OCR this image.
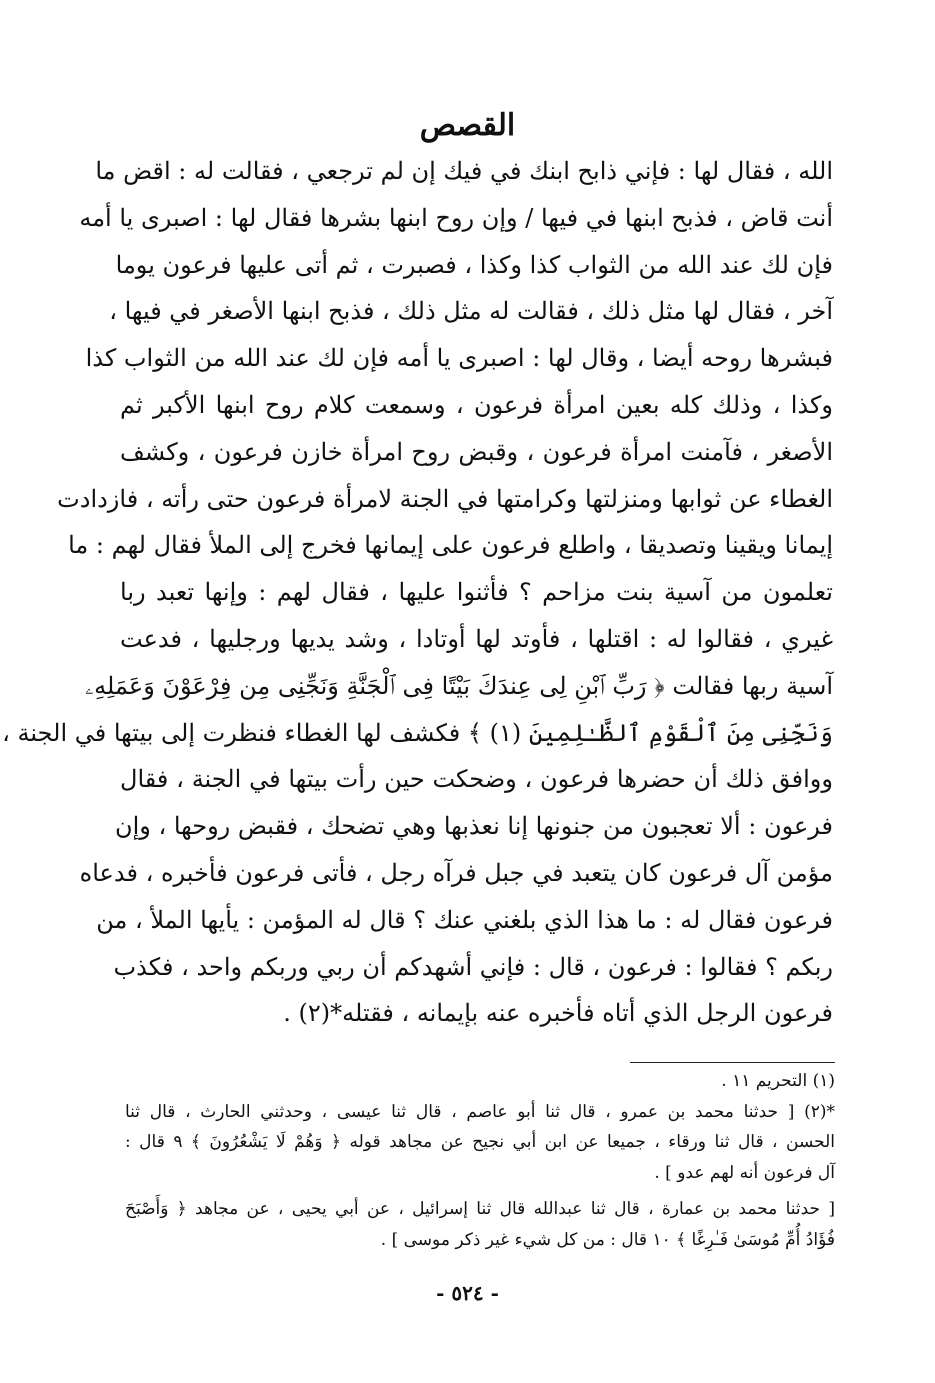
القصص
الله ، فقال لها : فإني ذابح ابنك في فيك إن لم ترجعي ، فقالت له : اقض ما
أنت قاض ، فذبح ابنها في فيها / وإن روح ابنها بشرها فقال لها : اصبرى يا أمه
فإن لك عند الله من الثواب كذا وكذا ، فصبرت ، ثم أتى عليها فرعون يوما
آخر ، فقال لها مثل ذلك ، فقالت له مثل ذلك ، فذبح ابنها الأصغر في فيها ،
فبشرها روحه أيضا ، وقال لها : اصبرى يا أمه فإن لك عند الله من الثواب كذا
وكذا ، وذلك كله بعين امرأة فرعون ، وسمعت كلام روح ابنها الأكبر ثم
الأصغر ، فآمنت امرأة فرعون ، وقبض روح امرأة خازن فرعون ، وكشف
الغطاء عن ثوابها ومنزلتها وكرامتها في الجنة لامرأة فرعون حتى رأته ، فازدادت
إيمانا ويقينا وتصديقا ، واطلع فرعون على إيمانها فخرج إلى الملأ فقال لهم : ما
تعلمون من آسية بنت مزاحم ؟ فأثنوا عليها ، فقال لهم : وإنها تعبد ربا
غيري ، فقالوا له : اقتلها ، فأوتد لها أوتادا ، وشد يديها ورجليها ، فدعت
آسية ربها فقالت ﴿ رَبِّ ٱبْنِ لِى عِندَكَ بَيْتًا فِى ٱلْجَنَّةِ وَنَجِّنِى مِن فِرْعَوْنَ وَعَمَلِهِۦ
وَنَجِّنِى مِنَ ٱلْقَوْمِ ٱلظَّـٰلِمِينَ (١) ﴾ فكشف لها الغطاء فنظرت إلى بيتها في الجنة ،
ووافق ذلك أن حضرها فرعون ، وضحكت حين رأت بيتها في الجنة ، فقال
فرعون : ألا تعجبون من جنونها إنا نعذبها وهي تضحك ، فقبض روحها ، وإن
مؤمن آل فرعون كان يتعبد في جبل فرآه رجل ، فأتى فرعون فأخبره ، فدعاه
فرعون فقال له : ما هذا الذي بلغني عنك ؟ قال له المؤمن : يأيها الملأ ، من
ربكم ؟ فقالوا : فرعون ، قال : فإني أشهدكم أن ربي وربكم واحد ، فكذب
فرعون الرجل الذي أتاه فأخبره عنه بإيمانه ، فقتله*(٢) .
(١) التحريم ١١ .
*(٢) [ حدثنا محمد بن عمرو ، قال ثنا أبو عاصم ، قال ثنا عيسى ، وحدثني الحارث ، قال ثنا
الحسن ، قال ثنا ورقاء ، جميعا عن ابن أبي نجيح عن مجاهد قوله ﴿ وَهُمْ لَا يَشْعُرُونَ ﴾ ٩ قال :
آل فرعون أنه لهم عدو ] .
[ حدثنا محمد بن عمارة ، قال ثنا عبدالله قال ثنا إسرائيل ، عن أبي يحيى ، عن مجاهد ﴿ وَأَصْبَحَ
فُؤَادُ أُمِّ مُوسَىٰ فَـٰرِغًا ﴾ ١٠ قال : من كل شيء غير ذكر موسى ] .
- ٥٢٤ -
